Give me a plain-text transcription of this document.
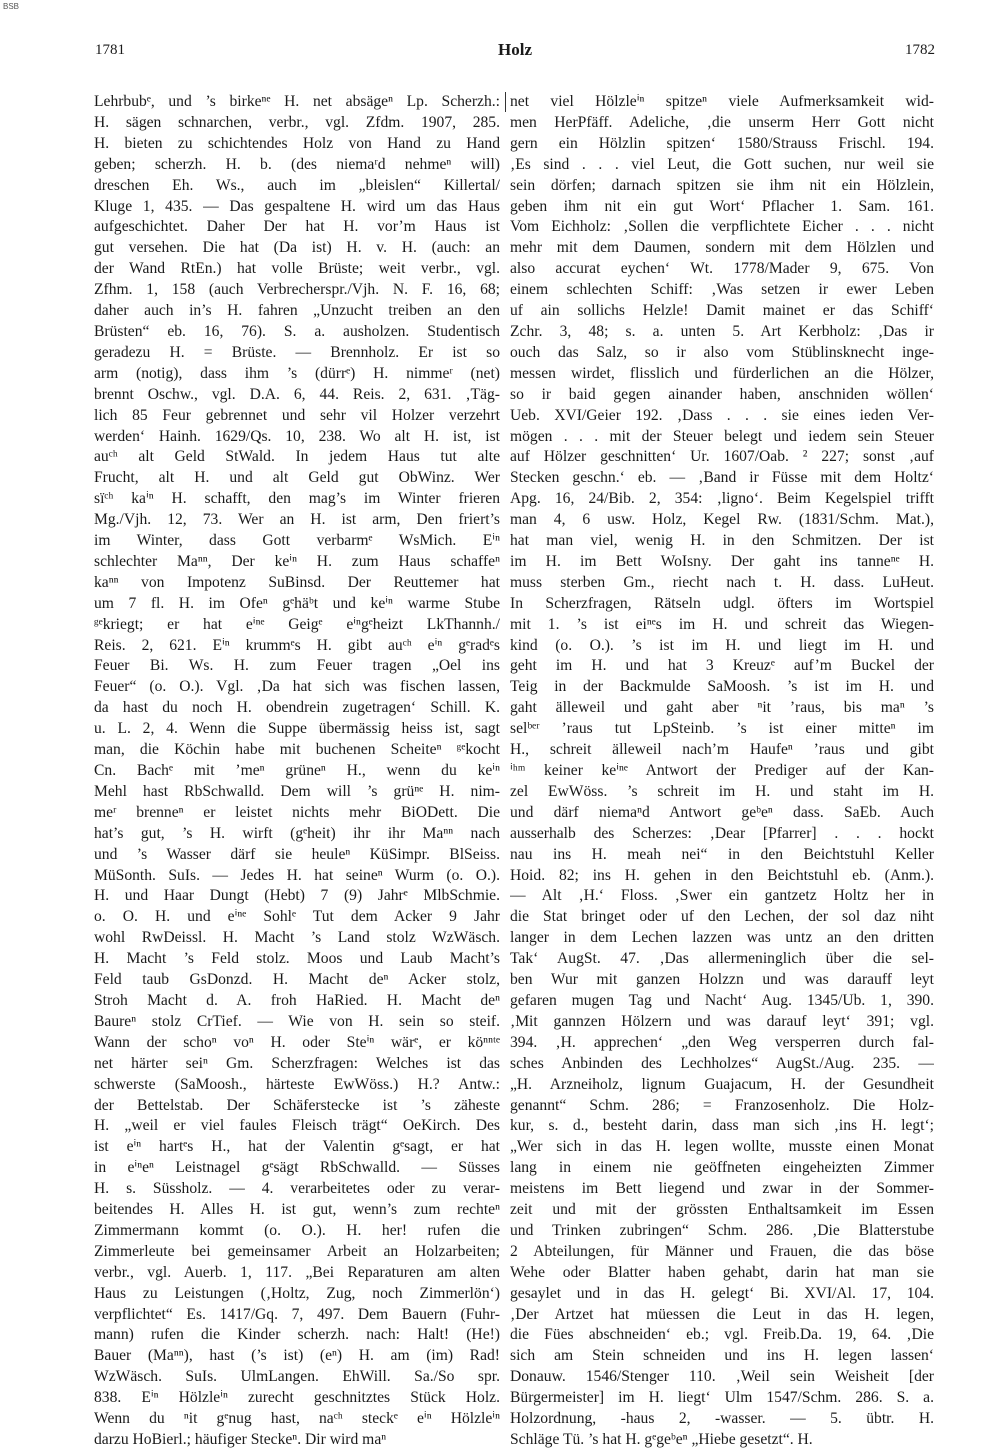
BSB
1781	Holz	1782
Lehrbubᵉ, und ’s birkeⁿᵉ H. net absägeⁿ Lp. Scherzh.:
H. sägen schnarchen, verbr., vgl. Zfdm. 1907, 285.
H. bieten zu schichtendes Holz von Hand zu Hand
geben; scherzh. H. b. (des niemaʳd nehmeⁿ will)
dreschen Eh. Ws., auch im „bleislen“ Killertal/
Kluge 1, 435. — Das gespaltene H. wird um das Haus
aufgeschichtet. Daher Der hat H. vor’m Haus ist
gut versehen. Die hat (Da ist) H. v. H. (auch: an
der Wand RtEn.) hat volle Brüste; weit verbr., vgl.
Zfhm. 1, 158 (auch Verbrecherspr./Vjh. N. F. 16, 68;
daher auch in’s H. fahren „Unzucht treiben an den
Brüsten“ eb. 16, 76). S. a. ausholzen. Studentisch
geradezu H. = Brüste. — Brennholz. Er ist so
arm (notig), dass ihm ’s (dürrᵉ) H. nimmeʳ (net)
brennt Oschw., vgl. D.A. 6, 44. Reis. 2, 631. ‚Täg-
lich 85 Feur gebrennet und sehr vil Holzer verzehrt
werden‘ Hainh. 1629/Qs. 10, 238. Wo alt H. ist, ist
auᶜʰ alt Geld StWald. In jedem Haus tut alte
Frucht, alt H. und alt Geld gut ObWinz. Wer
sïᶜʰ kaⁱⁿ H. schafft, den mag’s im Winter frieren
Mg./Vjh. 12, 73. Wer an H. ist arm, Den friert’s
im Winter, dass Gott verbarmᵉ WsMich. Eⁱⁿ
schlechter Maⁿⁿ, Der keⁱⁿ H. zum Haus schaffeⁿ
kaⁿⁿ von Impotenz SuBinsd. Der Reuttemer hat
um 7 fl. H. im Ofeⁿ gᵉhäᵇt und keⁱⁿ warme Stube
ᵍᵉkriegt; er hat eⁱⁿᵉ Geigᵉ eⁱⁿgᵉheizt LkThannh./
Reis. 2, 621. Eⁱⁿ krummᵉs H. gibt auᶜʰ eⁱⁿ gᵉradᵉs
Feuer Bi. Ws. H. zum Feuer tragen „Oel ins
Feuer“ (o. O.). Vgl. ‚Da hat sich was fischen lassen,
da hast du noch H. obendrein zugetragen‘ Schill. K.
u. L. 2, 4. Wenn die Suppe übermässig heiss ist, sagt
man, die Köchin habe mit buchenen Scheiteⁿ ᵍᵉkocht
Cn. Bachᵉ mit ’meⁿ grüneⁿ H., wenn du keⁱⁿ
Mehl hast RbSchwalld. Dem will ’s grüⁿᵉ H. nim-
meʳ brenneⁿ er leistet nichts mehr BiODett. Die
hat’s gut, ’s H. wirft (gᵉheit) ihr ihr Maⁿⁿ nach
und ’s Wasser därf sie heuleⁿ KüSimpr. BlSeiss.
MüSonth. SuIs. — Jedes H. hat seineⁿ Wurm (o. O.).
H. und Haar Dungt (Hebt) 7 (9) Jahrᵉ MlbSchmie.
o. O. H. und eⁱⁿᵉ Sohlᵉ Tut dem Acker 9 Jahr
wohl RwDeissl. H. Macht ’s Land stolz WzWäsch.
H. Macht ’s Feld stolz. Moos und Laub Macht’s
Feld taub GsDonzd. H. Macht deⁿ Acker stolz,
Stroh Macht d. A. froh HaRied. H. Macht deⁿ
Baureⁿ stolz CrTief. — Wie von H. sein so steif.
Wann der schoⁿ voⁿ H. oder Steⁱⁿ wärᵉ, er köⁿⁿᵗᵉ
net härter seiⁿ Gm. Scherzfragen: Welches ist das
schwerste (SaMoosh., härteste EwWöss.) H.? Antw.:
der Bettelstab. Der Schäferstecke ist ’s zäheste
H. „weil er viel faules Fleisch trägt“ OeKirch. Des
ist eⁱⁿ hartᵉs H., hat der Valentin gᵉsagt, er hat
in eⁱⁿeⁿ Leistnagel gᵉsägt RbSchwalld. — Süsses
H. s. Süssholz. — 4. verarbeitetes oder zu verar-
beitendes H. Alles H. ist gut, wenn’s zum rechteⁿ
Zimmermann kommt (o. O.). H. her! rufen die
Zimmerleute bei gemeinsamer Arbeit an Holzarbeiten;
verbr., vgl. Auerb. 1, 117. „Bei Reparaturen am alten
Haus zu Leistungen (‚Holtz, Zug, noch Zimmerlön‘)
verpflichtet“ Es. 1417/Gq. 7, 497. Dem Bauern (Fuhr-
mann) rufen die Kinder scherzh. nach: Halt! (He!)
Bauer (Maⁿⁿ), hast (’s ist) (eⁿ) H. am (im) Rad!
WzWäsch. SuIs. UlmLangen. EhWill. Sa./So spr.
838. Eⁱⁿ Hölzleⁱⁿ zurecht geschnitztes Stück Holz.
Wenn du ⁿit gᵉnug hast, naᶜʰ steckᵉ eⁱⁿ Hölzleⁱⁿ
darzu HoBierl.; häufiger Steckeⁿ. Dir wird maⁿ
net viel Hölzleⁱⁿ spitzeⁿ viele Aufmerksamkeit wid-
men HerPfäff. Adeliche, ‚die unserm Herr Gott nicht
gern ein Hölzlin spitzen‘ 1580/Strauss Frischl. 194.
‚Es sind . . . viel Leut, die Gott suchen, nur weil sie
sein dörfen; darnach spitzen sie ihm nit ein Hölzlein,
geben ihm nit ein gut Wort‘ Pflacher 1. Sam. 161.
Vom Eichholz: ‚Sollen die verpflichtete Eicher . . . nicht
mehr mit dem Daumen, sondern mit dem Hölzlen und
also accurat eychen‘ Wt. 1778/Mader 9, 675. Von
einem schlechten Schiff: ‚Was setzen ir ewer Leben
uf ain sollichs Helzle! Damit mainet er das Schiff‘
Zchr. 3, 48; s. a. unten 5. Art Kerbholz: ‚Das ir
ouch das Salz, so ir also vom Stüblinsknecht inge-
messen wirdet, flisslich und fürderlichen an die Hölzer,
so ir baid gegen ainander haben, anschniden wöllen‘
Ueb. XVI/Geier 192. ‚Dass . . . sie eines ieden Ver-
mögen . . . mit der Steuer belegt und iedem sein Steuer
auf Hölzer geschnitten‘ Ur. 1607/Oab. ² 227; sonst ‚auf
Stecken geschn.‘ eb. — ‚Band ir Füsse mit dem Holtz‘
Apg. 16, 24/Bib. 2, 354: ‚ligno‘. Beim Kegelspiel trifft
man 4, 6 usw. Holz, Kegel Rw. (1831/Schm. Mat.),
hat man viel, wenig H. in den Schmitzen. Der ist
im H. im Bett WoIsny. Der gaht ins tanneⁿᵉ H.
muss sterben Gm., riecht nach t. H. dass. LuHeut.
In Scherzfragen, Rätseln udgl. öfters im Wortspiel
mit 1. ’s ist eiⁿᵉs im H. und schreit das Wiegen-
kind (o. O.). ’s ist im H. und liegt im H. und
geht im H. und hat 3 Kreuzᵉ auf’m Buckel der
Teig in der Backmulde SaMoosh. ’s ist im H. und
gaht älleweil und gaht aber ⁿit ’raus, bis maⁿ ’s
selᵇᵉʳ ’raus tut LpSteinb. ’s ist einer mitteⁿ im
H., schreit älleweil nach’m Haufeⁿ ’raus und gibt
ⁱʰᵐ keiner keⁱⁿᵉ Antwort der Prediger auf der Kan-
zel EwWöss. ’s schreit im H. und staht im H.
und därf niemaⁿd Antwort geᵇeⁿ dass. SaEb. Auch
ausserhalb des Scherzes: ‚Dear [Pfarrer] . . . hockt
nau ins H. meah nei“ in den Beichtstuhl Keller
Hoid. 82; ins H. gehen in den Beichtstuhl eb. (Anm.).
— Alt ‚H.‘ Floss. ‚Swer ein gantzetz Holtz her in
die Stat bringet oder uf den Lechen, der sol daz niht
langer in dem Lechen lazzen was untz an den dritten
Tak‘ AugSt. 47. ‚Das allermeninglich über die sel-
ben Wur mit ganzen Holzzn und was darauff leyt
gefaren mugen Tag und Nacht‘ Aug. 1345/Ub. 1, 390.
‚Mit gannzen Hölzern und was darauf leyt‘ 391; vgl.
394. ‚H. apprechen‘ „den Weg versperren durch fal-
sches Anbinden des Lechholzes“ AugSt./Aug. 235. —
„H. Arzneiholz, lignum Guajacum, H. der Gesundheit
genannt“ Schm. 286; = Franzosenholz. Die Holz-
kur, s. d., besteht darin, dass man sich ‚ins H. legt‘;
„Wer sich in das H. legen wollte, musste einen Monat
lang in einem nie geöffneten eingeheizten Zimmer
meistens im Bett liegend und zwar in der Sommer-
zeit und mit der grössten Enthaltsamkeit im Essen
und Trinken zubringen“ Schm. 286. ‚Die Blatterstube
2 Abteilungen, für Männer und Frauen, die das böse
Wehe oder Blatter haben gehabt, darin hat man sie
gesaylet und in das H. gelegt‘ Bi. XVI/Al. 17, 104.
‚Der Artzet hat müessen die Leut in das H. legen,
die Fües abschneiden‘ eb.; vgl. Freib.Da. 19, 64. ‚Die
sich am Stein schneiden und ins H. legen lassen‘
Donauw. 1546/Stenger 110. ‚Weil sein Weisheit [der
Bürgermeister] im H. liegt‘ Ulm 1547/Schm. 286. S. a.
Holzordnung, -haus 2, -wasser. — 5. übtr. H.
Schläge Tü. ’s hat H. gᵉgeᵇeⁿ „Hiebe gesetzt“. H.
